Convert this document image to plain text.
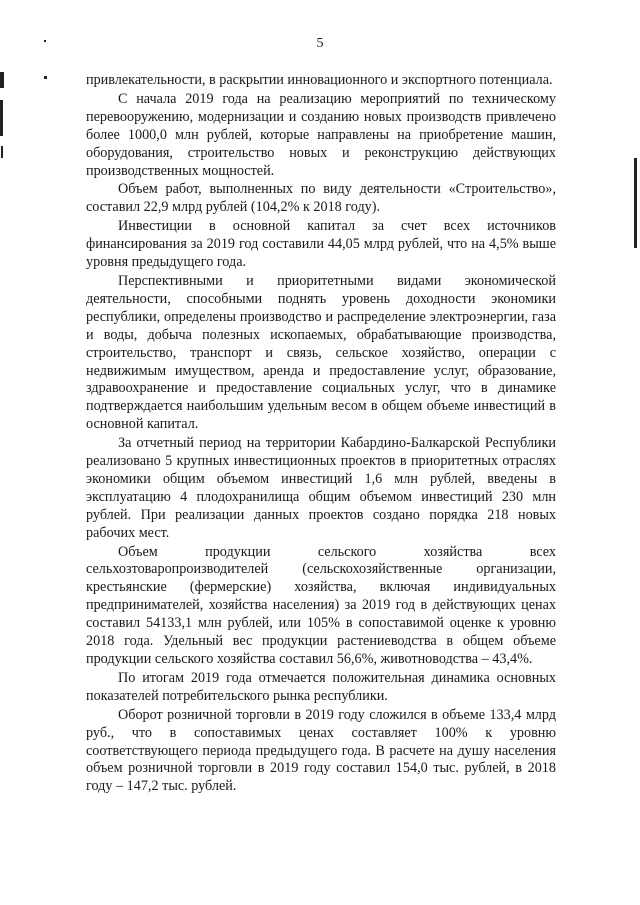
5

привлекательности, в раскрытии инновационного и экспортного потенциала.

С начала 2019 года на реализацию мероприятий по техническому перевооружению, модернизации и созданию новых производств привлечено более 1000,0 млн рублей, которые направлены на приобретение машин, оборудования, строительство новых и реконструкцию действующих производственных мощностей.

Объем работ, выполненных по виду деятельности «Строительство», составил 22,9 млрд рублей (104,2% к 2018 году).

Инвестиции в основной капитал за счет всех источников финансирования за 2019 год составили 44,05 млрд рублей, что на 4,5% выше уровня предыдущего года.

Перспективными и приоритетными видами экономической деятельности, способными поднять уровень доходности экономики республики, определены производство и распределение электроэнергии, газа и воды, добыча полезных ископаемых, обрабатывающие производства, строительство, транспорт и связь, сельское хозяйство, операции с недвижимым имуществом, аренда и предоставление услуг, образование, здравоохранение и предоставление социальных услуг, что в динамике подтверждается наибольшим удельным весом в общем объеме инвестиций в основной капитал.

За отчетный период на территории Кабардино-Балкарской Республики реализовано 5 крупных инвестиционных проектов в приоритетных отраслях экономики общим объемом инвестиций 1,6 млн рублей, введены в эксплуатацию 4 плодохранилища общим объемом инвестиций 230 млн рублей. При реализации данных проектов создано порядка 218 новых рабочих мест.

Объем продукции сельского хозяйства всех сельхозтоваропроизводителей (сельскохозяйственные организации, крестьянские (фермерские) хозяйства, включая индивидуальных предпринимателей, хозяйства населения) за 2019 год в действующих ценах составил 54133,1 млн рублей, или 105% в сопоставимой оценке к уровню 2018 года. Удельный вес продукции растениеводства в общем объеме продукции сельского хозяйства составил 56,6%, животноводства – 43,4%.

По итогам 2019 года отмечается положительная динамика основных показателей потребительского рынка республики.

Оборот розничной торговли в 2019 году сложился в объеме 133,4 млрд руб., что в сопоставимых ценах составляет 100% к уровню соответствующего периода предыдущего года. В расчете на душу населения объем розничной торговли в 2019 году составил 154,0 тыс. рублей, в 2018 году – 147,2 тыс. рублей.
